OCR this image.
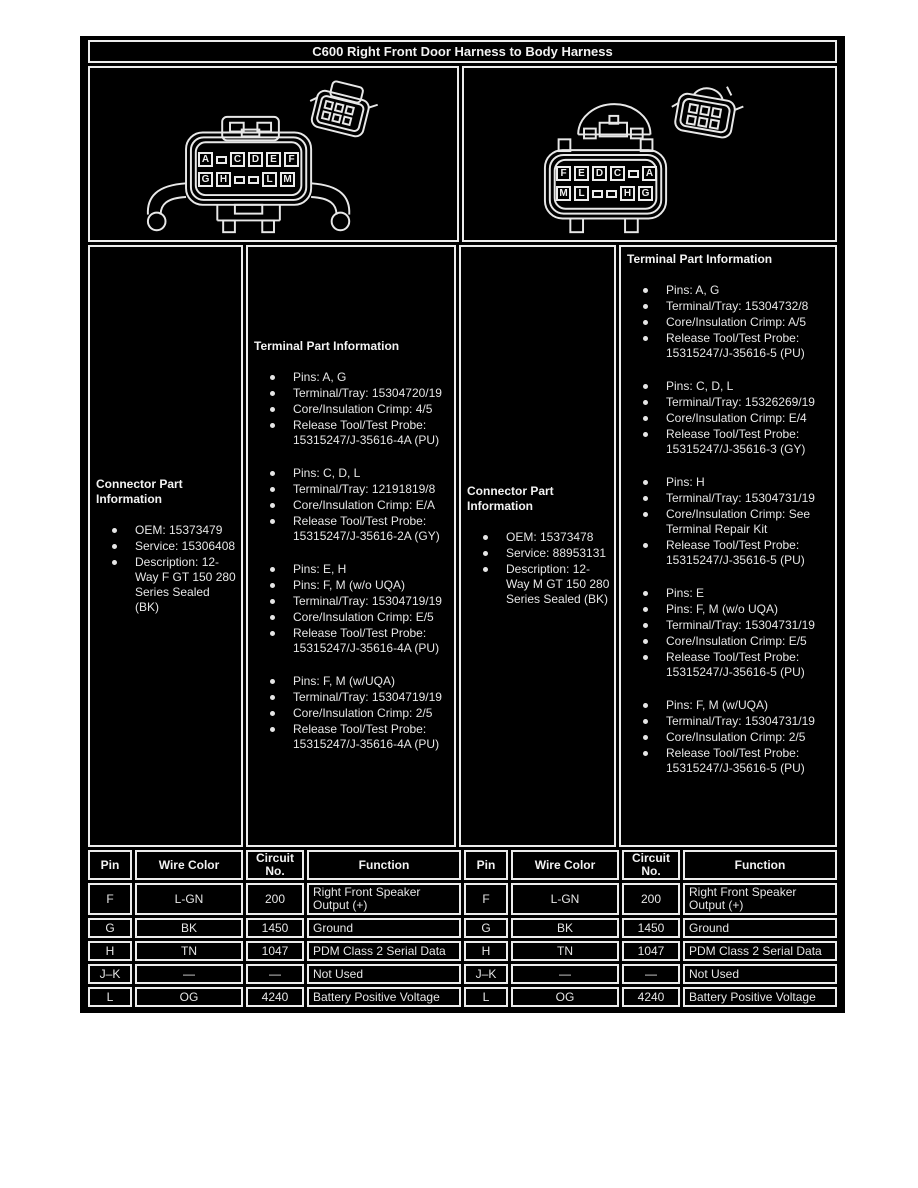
C600 Right Front Door Harness to Body Harness
A	C	D	E	F
G	H	L	M
F	E	D	C	A
M	L	H	G
Connector Part Information
OEM: 15373479
Service: 15306408
Description: 12-Way F GT 150 280 Series Sealed (BK)
Terminal Part Information
Pins: A, G
Terminal/Tray: 15304720/19
Core/Insulation Crimp: 4/5
Release Tool/Test Probe: 15315247/J-35616-4A (PU)
Pins: C, D, L
Terminal/Tray: 12191819/8
Core/Insulation Crimp: E/A
Release Tool/Test Probe: 15315247/J-35616-2A (GY)
Pins: E, H
Pins: F, M (w/o UQA)
Terminal/Tray: 15304719/19
Core/Insulation Crimp: E/5
Release Tool/Test Probe: 15315247/J-35616-4A (PU)
Pins: F, M (w/UQA)
Terminal/Tray: 15304719/19
Core/Insulation Crimp: 2/5
Release Tool/Test Probe: 15315247/J-35616-4A (PU)
Connector Part Information
OEM: 15373478
Service: 88953131
Description: 12-Way M GT 150 280 Series Sealed (BK)
Terminal Part Information
Pins: A, G
Terminal/Tray: 15304732/8
Core/Insulation Crimp: A/5
Release Tool/Test Probe: 15315247/J-35616-5 (PU)
Pins: C, D, L
Terminal/Tray: 15326269/19
Core/Insulation Crimp: E/4
Release Tool/Test Probe: 15315247/J-35616-3 (GY)
Pins: H
Terminal/Tray: 15304731/19
Core/Insulation Crimp: See Terminal Repair Kit
Release Tool/Test Probe: 15315247/J-35616-5 (PU)
Pins: E
Pins: F, M (w/o UQA)
Terminal/Tray: 15304731/19
Core/Insulation Crimp: E/5
Release Tool/Test Probe: 15315247/J-35616-5 (PU)
Pins: F, M (w/UQA)
Terminal/Tray: 15304731/19
Core/Insulation Crimp: 2/5
Release Tool/Test Probe: 15315247/J-35616-5 (PU)
Pin	Wire Color	Circuit No.	Function
F	L-GN	200	Right Front Speaker Output (+)
G	BK	1450	Ground
H	TN	1047	PDM Class 2 Serial Data
J–K	—	—	Not Used
L	OG	4240	Battery Positive Voltage
Pin	Wire Color	Circuit No.	Function
F	L-GN	200	Right Front Speaker Output (+)
G	BK	1450	Ground
H	TN	1047	PDM Class 2 Serial Data
J–K	—	—	Not Used
L	OG	4240	Battery Positive Voltage
